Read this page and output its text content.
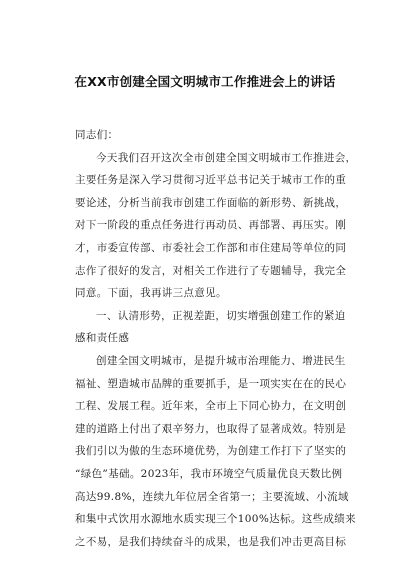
在XX市创建全国文明城市工作推进会上的讲话
同志们：
今天我们召开这次全市创建全国文明城市工作推进会，
主要任务是深入学习贯彻习近平总书记关于城市工作的重
要论述，分析当前我市创建工作面临的新形势、新挑战，
对下一阶段的重点任务进行再动员、再部署、再压实。刚
才，市委宣传部、市委社会工作部和市住建局等单位的同
志作了很好的发言，对相关工作进行了专题辅导，我完全
同意。下面，我再讲三点意见。
一、认清形势，正视差距，切实增强创建工作的紧迫
感和责任感
创建全国文明城市，是提升城市治理能力、增进民生
福祉、塑造城市品牌的重要抓手，是一项实实在在的民心
工程、发展工程。近年来，全市上下同心协力，在文明创
建的道路上付出了艰辛努力，也取得了显著成效。特别是
我们引以为傲的生态环境优势，为创建工作打下了坚实的
“绿色”基础。2023年，我市环境空气质量优良天数比例
高达99.8%，连续九年位居全省第一；主要流域、小流域
和集中式饮用水源地水质实现三个100%达标。这些成绩来
之不易，是我们持续奋斗的成果，也是我们冲击更高目标
